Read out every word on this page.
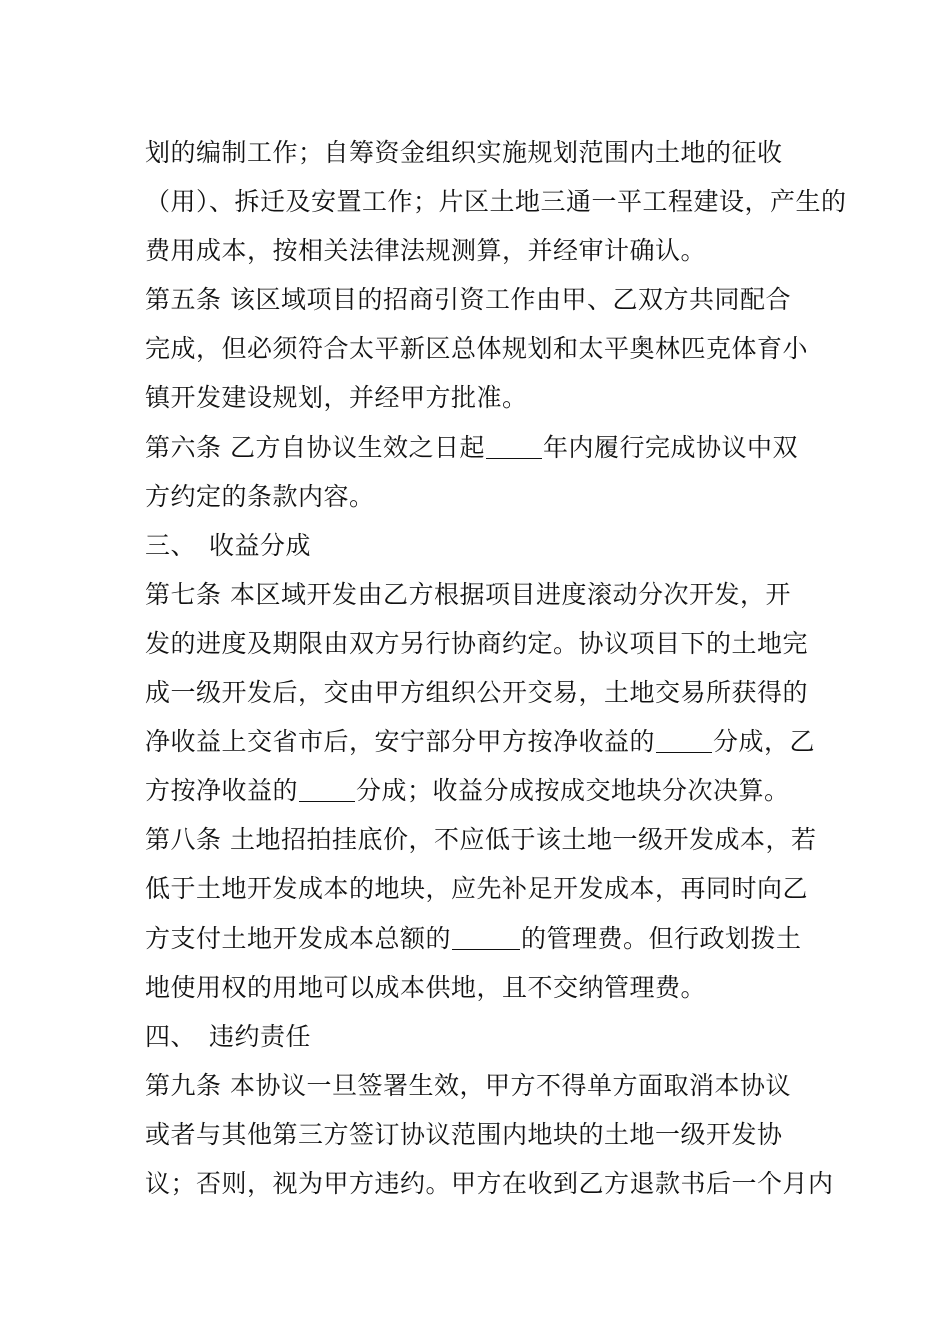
划的编制工作；自筹资金组织实施规划范围内土地的征收
（用）、拆迁及安置工作；片区土地三通一平工程建设，产生的
费用成本，按相关法律法规测算，并经审计确认。
第五条 该区域项目的招商引资工作由甲、乙双方共同配合
完成，但必须符合太平新区总体规划和太平奥林匹克体育小
镇开发建设规划，并经甲方批准。
第六条 乙方自协议生效之日起 年内履行完成协议中双
方约定的条款内容。
三、　收益分成
第七条 本区域开发由乙方根据项目进度滚动分次开发，开
发的进度及期限由双方另行协商约定。协议项目下的土地完
成一级开发后，交由甲方组织公开交易，土地交易所获得的
净收益上交省市后，安宁部分甲方按净收益的 分成，乙
方按净收益的 分成；收益分成按成交地块分次决算。
第八条 土地招拍挂底价，不应低于该土地一级开发成本，若
低于土地开发成本的地块，应先补足开发成本，再同时向乙
方支付土地开发成本总额的	的管理费。但行政划拨土
地使用权的用地可以成本供地，且不交纳管理费。
四、　违约责任
第九条 本协议一旦签署生效，甲方不得单方面取消本协议
或者与其他第三方签订协议范围内地块的土地一级开发协
议；否则，视为甲方违约。甲方在收到乙方退款书后一个月内
